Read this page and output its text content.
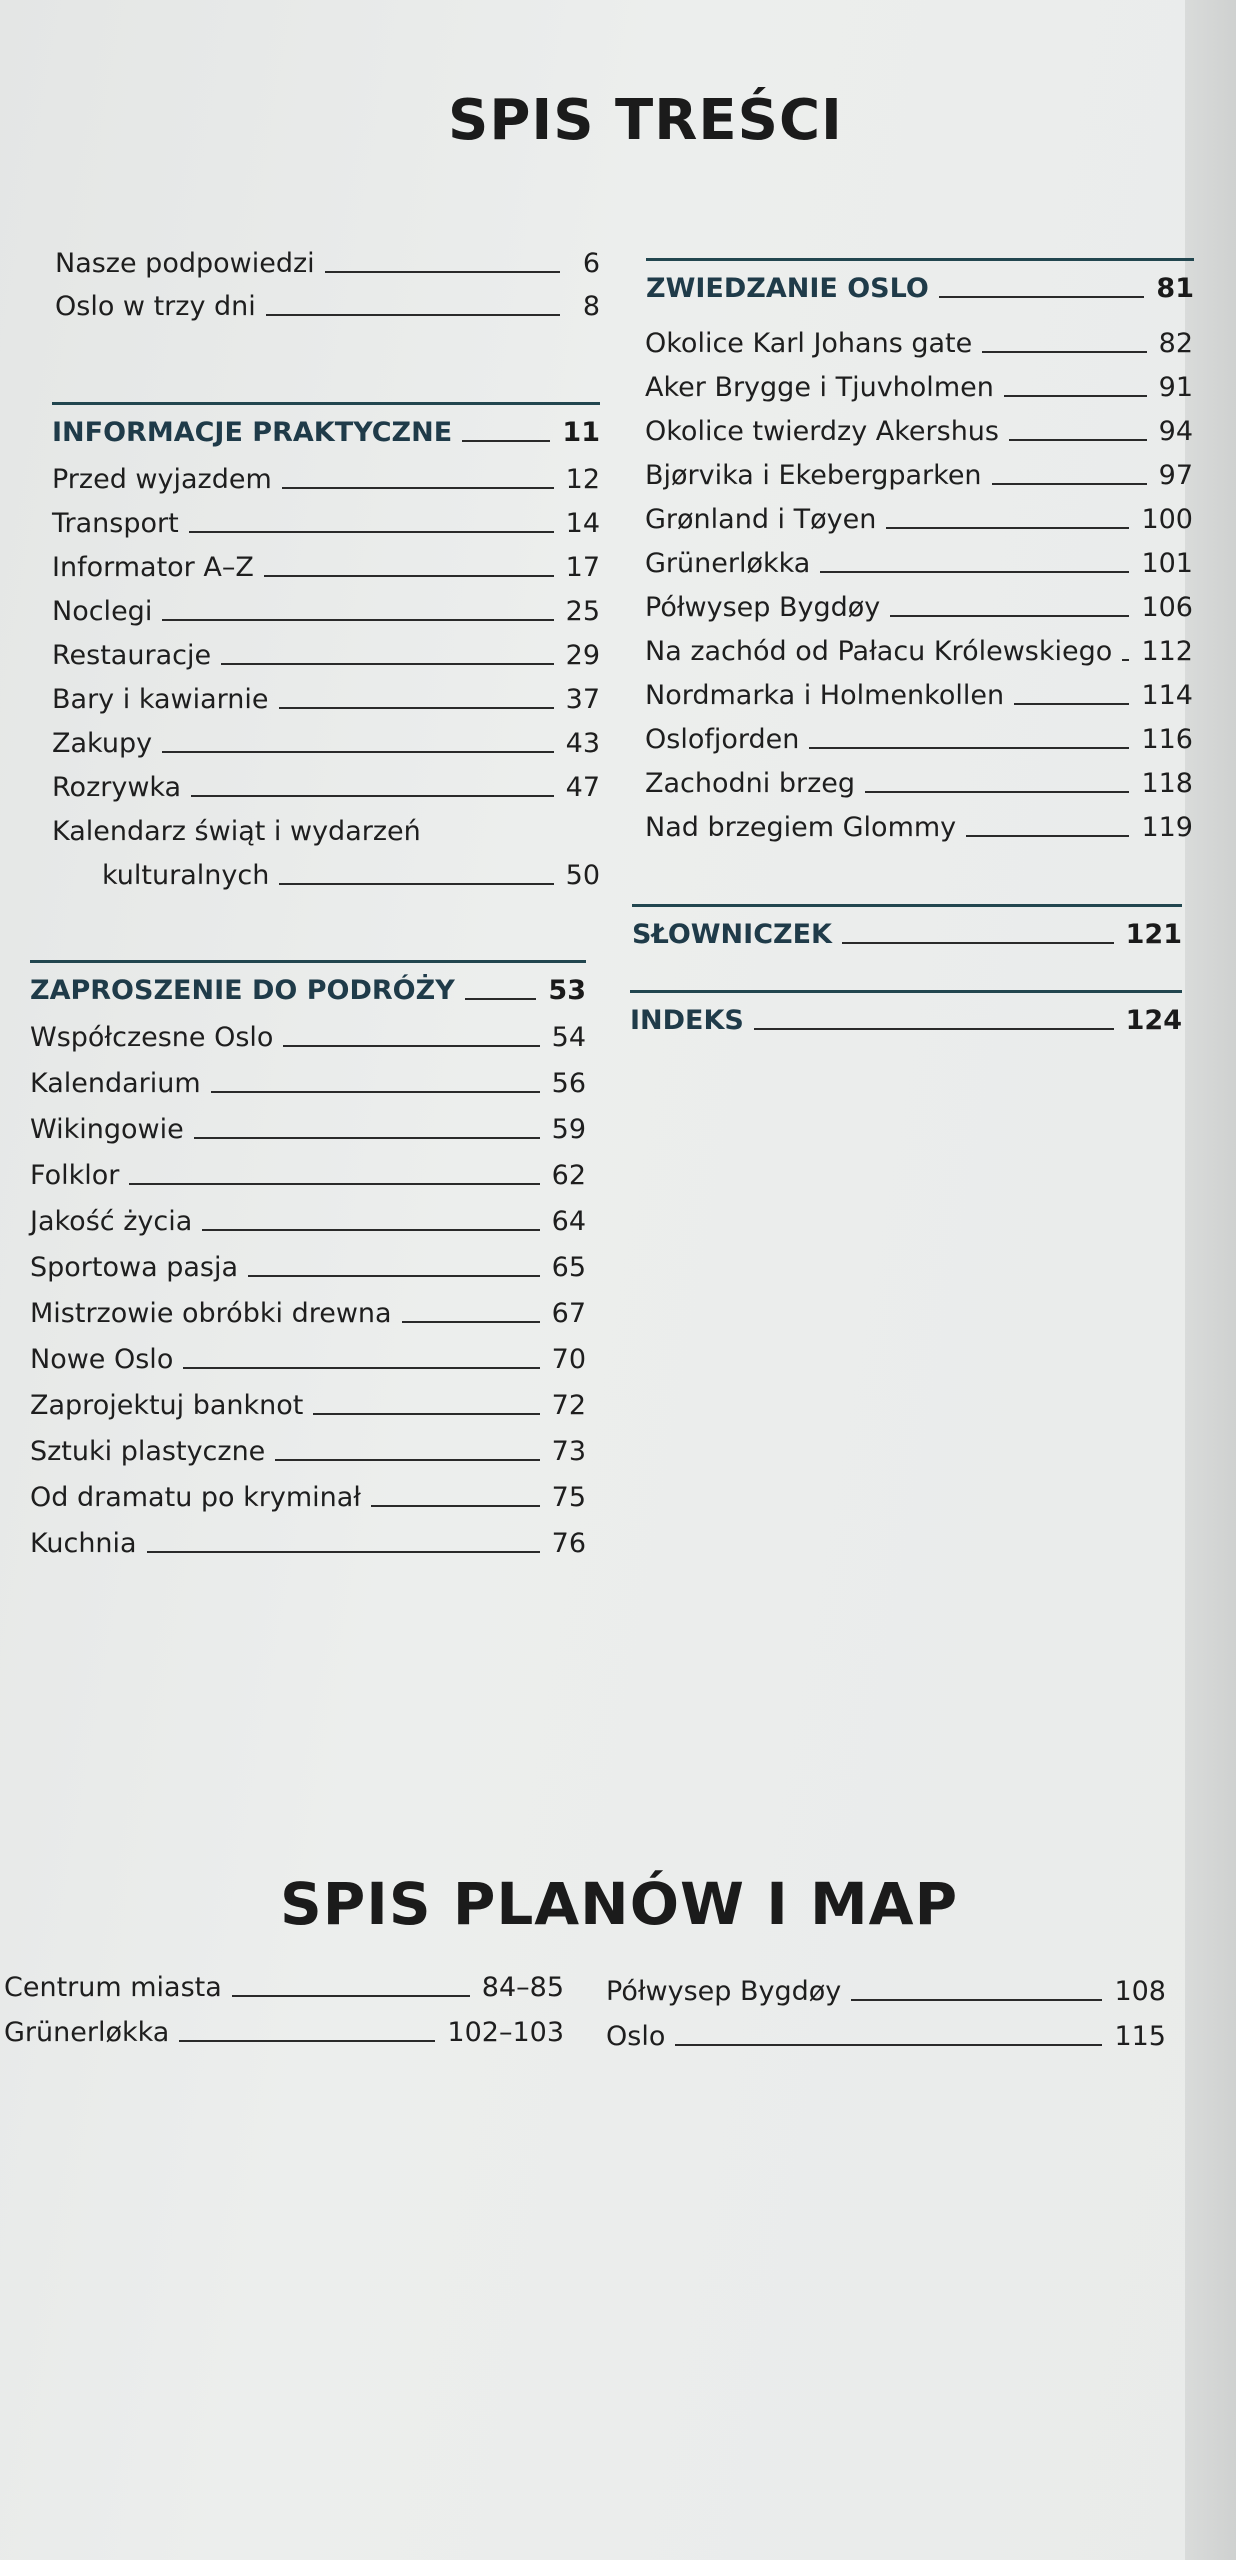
SPIS TREŚCI
Nasze podpowiedzi	6
Oslo w trzy dni	8
INFORMACJE PRAKTYCZNE	11
Przed wyjazdem	12
Transport	14
Informator A–Z	17
Noclegi	25
Restauracje	29
Bary i kawiarnie	37
Zakupy	43
Rozrywka	47
Kalendarz świąt i wydarzeń
kulturalnych	50
ZAPROSZENIE DO PODRÓŻY	53
Współczesne Oslo	54
Kalendarium	56
Wikingowie	59
Folklor	62
Jakość życia	64
Sportowa pasja	65
Mistrzowie obróbki drewna	67
Nowe Oslo	70
Zaprojektuj banknot	72
Sztuki plastyczne	73
Od dramatu po kryminał	75
Kuchnia	76
ZWIEDZANIE OSLO	81
Okolice Karl Johans gate	82
Aker Brygge i Tjuvholmen	91
Okolice twierdzy Akershus	94
Bjørvika i Ekebergparken	97
Grønland i Tøyen	100
Grünerløkka	101
Półwysep Bygdøy	106
Na zachód od Pałacu Królewskiego 112
Nordmarka i Holmenkollen	114
Oslofjorden	116
Zachodni brzeg	118
Nad brzegiem Glommy	119
SŁOWNICZEK	121
INDEKS	124
SPIS PLANÓW I MAP
Centrum miasta	84–85
Grünerløkka	102–103
Półwysep Bygdøy	108
Oslo	115
